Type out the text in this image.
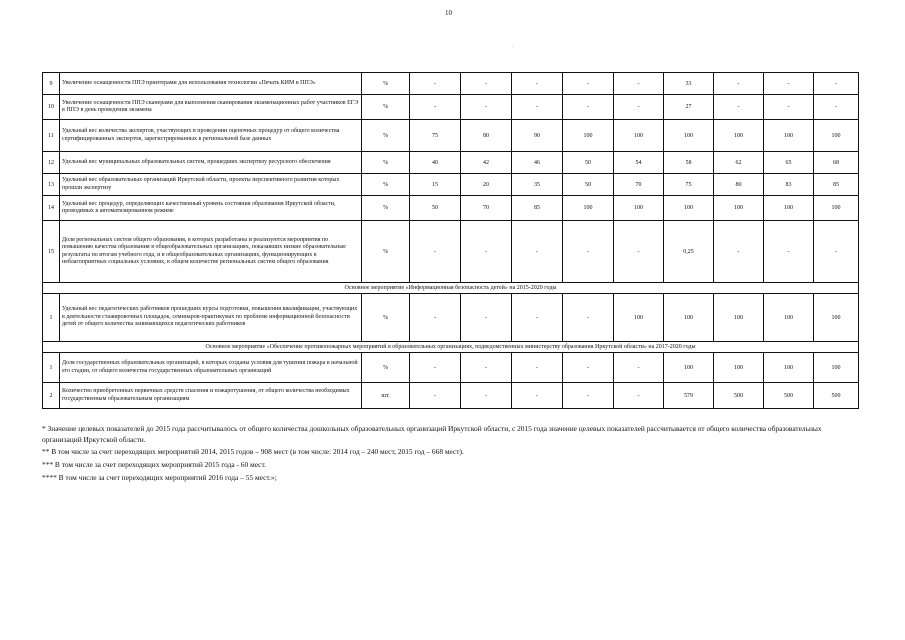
10
·
9	Увеличение оснащенности ППЭ принтерами для использования технологии «Печать КИМ в ППЭ»	%	-	-	-	-	-	33	-	-	-
10	Увеличение оснащенности ППЭ сканерами для выполнения сканирования экзаменационных работ участников ЕГЭ в ППЭ в день проведения экзамена	%	-	-	-	-	-	27	-	-	-
11	Удельный вес количества экспертов, участвующих в проведении оценочных процедур от общего количества сертифицированных экспертов, зарегистрированных в региональной базе данных	%	75	80	90	100	100	100	100	100	100
12	Удельный вес муниципальных образовательных систем, прошедших экспертизу ресурсного обеспечения	%	40	42	46	50	54	58	62	65	68
13	Удельный вес образовательных организаций Иркутской области, проекты перспективного развития которых прошли экспертизу	%	15	20	35	50	70	75	80	83	85
14	Удельный вес процедур, определяющих качественный уровень состояния образования Иркутской области, проводимых в автоматизированном режиме	%	50	70	85	100	100	100	100	100	100
15	Доля региональных систем общего образования, в которых разработаны и реализуются мероприятия по повышению качества образования в общеобразовательных организациях, показавших низкие образовательные результаты по итогам учебного года, и в общеобразовательных организациях, функционирующих в неблагоприятных социальных условиях, в общем количестве региональных систем общего образования	%	-	-	-	-	-	0,25	-	-	-
Основное мероприятие «Информационная безопасность детей» на 2015-2020 годы											
1	Удельный вес педагогических работников прошедших курсы подготовки, повышения квалификации, участвующих в деятельности стажировочных площадок, семинаров-практикумах по проблеме информационной безопасности детей от общего количества занимающихся педагогических работников	%	-	-	-	-	100	100	100	100	100
Основное мероприятие «Обеспечение противопожарных мероприятий в образовательных организациях, подведомственных министерству образования Иркутской области» на 2017-2020 годы											
1	Доля государственных образовательных организаций, в которых созданы условия для тушения пожара в начальной его стадии, от общего количества государственных образовательных организаций	%	-	-	-	-	-	100	100	100	100
2	Количество приобретенных первичных средств спасения и пожаротушения, от общего количества необходимых государственным образовательным организациям	шт.	-	-	-	-	-	579	500	500	500

* Значение целевых показателей до 2015 года рассчитывалось от общего количества дошкольных образовательных организаций Иркутской области, с 2015 года значение целевых показателей рассчитывается от общего количества образовательных организаций Иркутской области.

** В том числе за счет переходящих мероприятий 2014, 2015 годов – 908 мест (в том числе: 2014 год – 240 мест, 2015 год – 668 мест).

*** В том числе за счет переходящих мероприятий 2015 года - 60 мест.

**** В том числе за счет переходящих мероприятий 2016 года – 55 мест.»;
